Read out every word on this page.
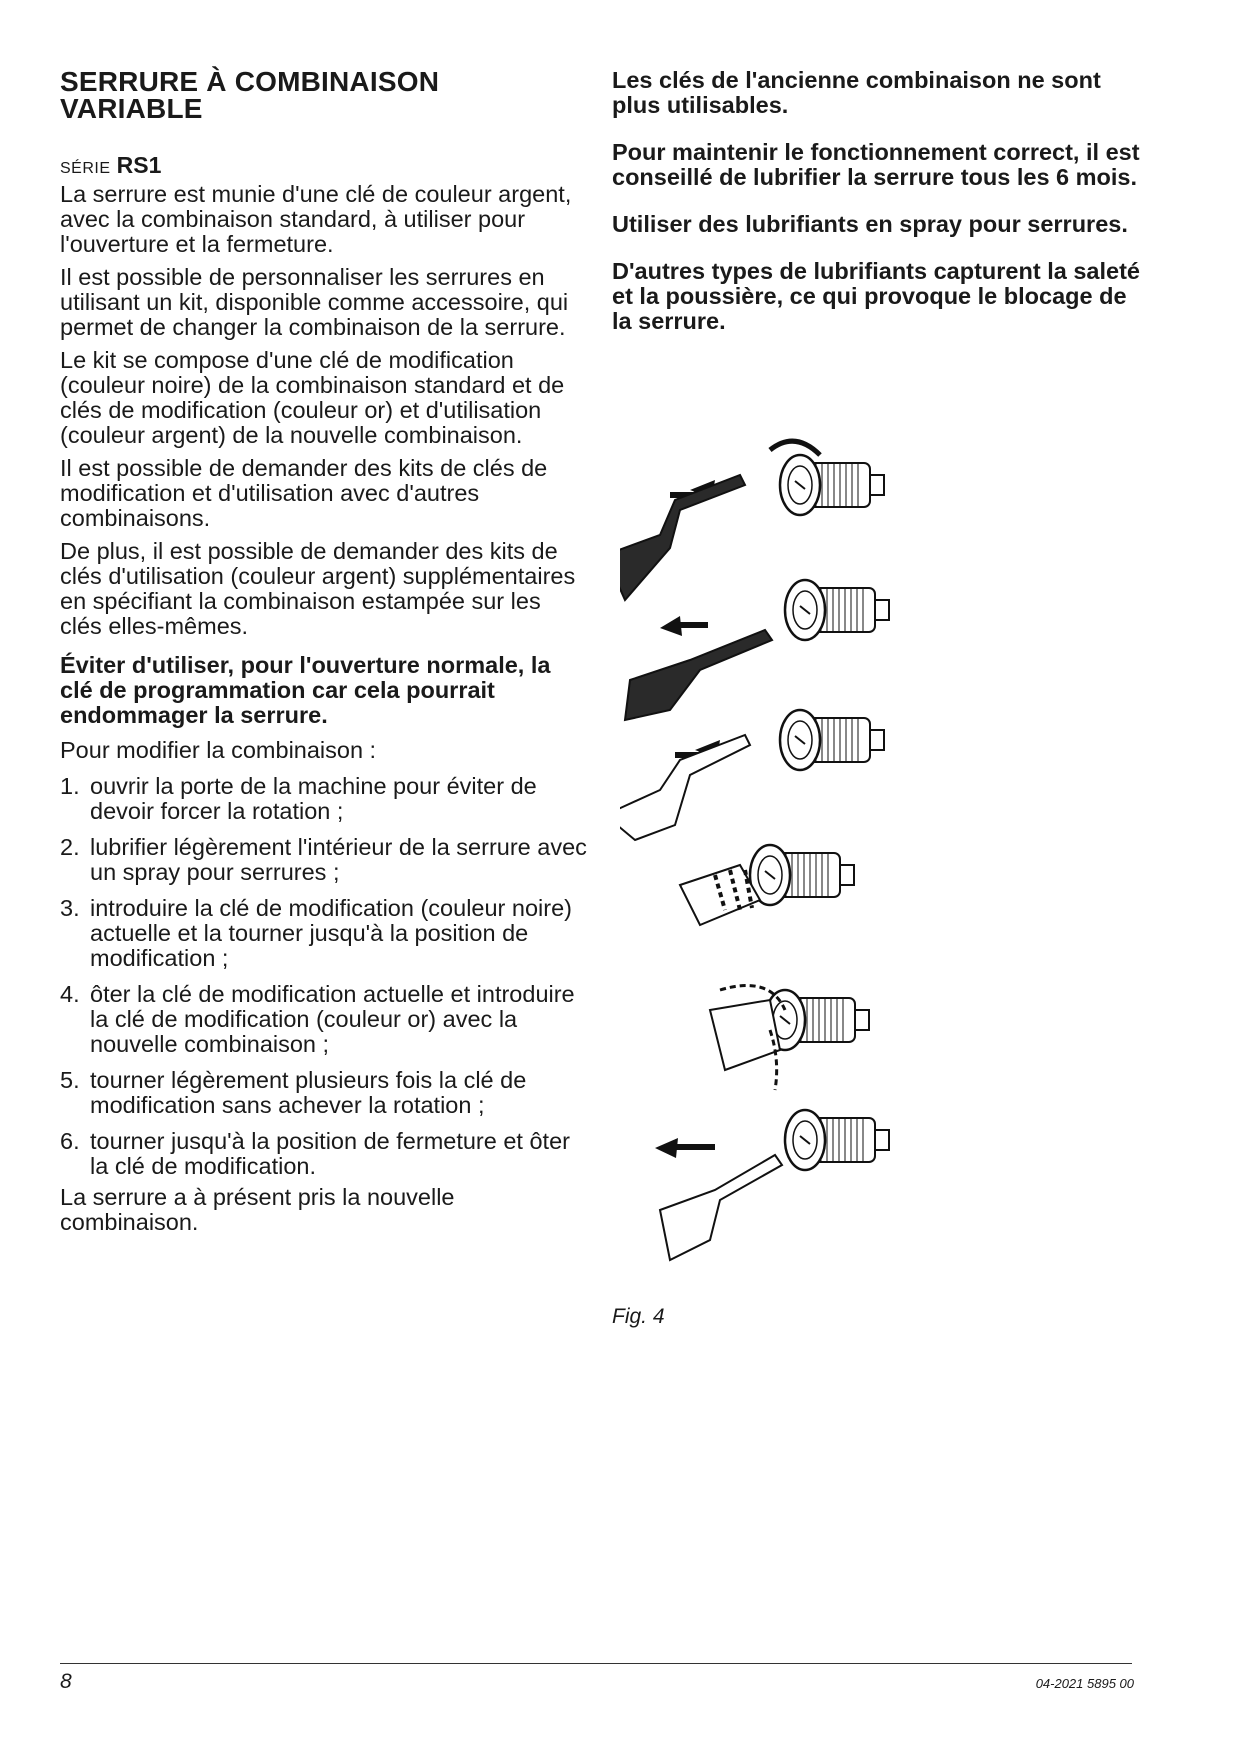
SERRURE À COMBINAISON
VARIABLE
SÉRIE RS1

La serrure est munie d'une clé de couleur argent, avec la combinaison standard, à utiliser pour l'ouverture et la fermeture.

Il est possible de personnaliser les serrures en utilisant un kit, disponible comme accessoire, qui permet de changer la combinaison de la serrure.

Le kit se compose d'une clé de modification (couleur noire) de la combinaison standard et de clés de modification (couleur or) et d'utilisation (couleur argent) de la nouvelle combinaison.

Il est possible de demander des kits de clés de modification et d'utilisation avec d'autres combinaisons.

De plus, il est possible de demander des kits de clés d'utilisation (couleur argent) supplémentaires en spécifiant la combinaison estampée sur les clés elles-mêmes.

Éviter d'utiliser, pour l'ouverture normale, la clé de programmation car cela pourrait endommager la serrure.

Pour modifier la combinaison :

1. ouvrir la porte de la machine pour éviter de devoir forcer la rotation ;
2. lubrifier légèrement l'intérieur de la serrure avec un spray pour serrures ;
3. introduire la clé de modification (couleur noire) actuelle et la tourner jusqu'à la position de modification ;
4. ôter la clé de modification actuelle et introduire la clé de modification (couleur or) avec la nouvelle combinaison ;
5. tourner légèrement plusieurs fois la clé de modification sans achever la rotation ;
6. tourner jusqu'à la position de fermeture et ôter la clé de modification.

La serrure a à présent pris la nouvelle combinaison.

Les clés de l'ancienne combinaison ne sont plus utilisables.

Pour maintenir le fonctionnement correct, il est conseillé de lubrifier la serrure tous les 6 mois.

Utiliser des lubrifiants en spray pour serrures.

D'autres types de lubrifiants capturent la saleté et la poussière, ce qui provoque le blocage de la serrure.

Fig. 4
8	04-2021 5895 00
